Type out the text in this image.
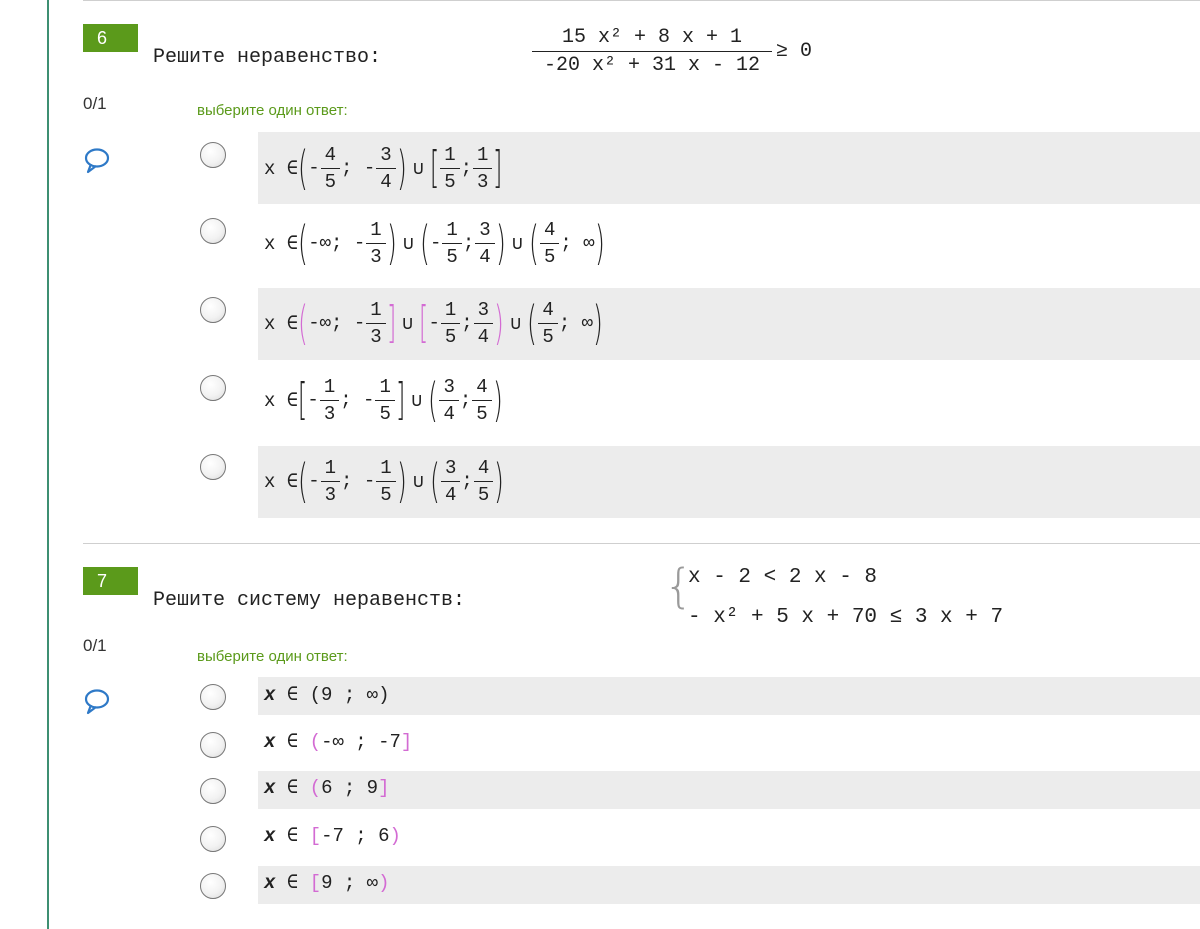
6
0/1
Решите неравенство:	$\frac{\text{15 x² + 8 x + 1}}{\text{-20 x² + 31 x - 12}} \ge 0$
выберите один ответ:
x ∈ ( - $\frac{4}{5}$ ; - $\frac{3}{4}$ ) ∪ [ $\frac{1}{5}$ ; $\frac{1}{3}$ ]
x ∈ ( -∞ ; - $\frac{1}{3}$ ) ∪ ( - $\frac{1}{5}$ ; $\frac{3}{4}$ ) ∪ ( $\frac{4}{5}$ ; ∞ )
x ∈ ( -∞ ; - $\frac{1}{3}$ ] ∪ [ - $\frac{1}{5}$ ; $\frac{3}{4}$ ) ∪ ( $\frac{4}{5}$ ; ∞ )
x ∈ [ - $\frac{1}{3}$ ; - $\frac{1}{5}$ ] ∪ ( $\frac{3}{4}$ ; $\frac{4}{5}$ )
x ∈ ( - $\frac{1}{3}$ ; - $\frac{1}{5}$ ) ∪ ( $\frac{3}{4}$ ; $\frac{4}{5}$ )
7
0/1
Решите систему неравенств:	{
x - 2 < 2 x - 8
- x² + 5 x + 70 ≤ 3 x + 7
выберите один ответ:
x ∈ (9 ; ∞)
x ∈ (-∞ ; -7]
x ∈ (6 ; 9]
x ∈ [-7 ; 6)
x ∈ [9 ; ∞)
